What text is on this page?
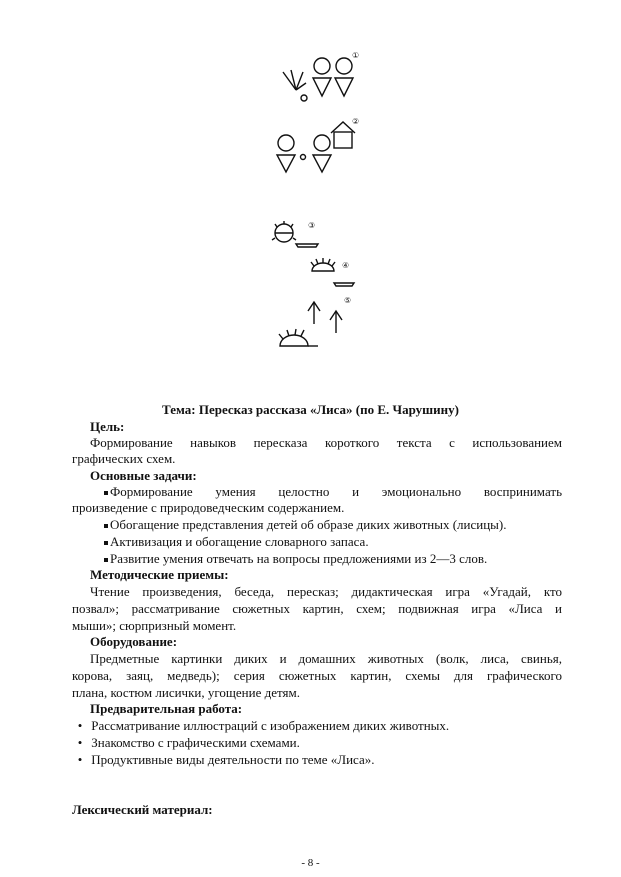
①
②
③
④
⑤
Тема: Пересказ рассказа «Лиса» (по Е. Чарушину)
Цель:
Формирование навыков пересказа короткого текста с использованием
графических схем.
Основные задачи:
Формирование умения целостно и эмоционально воспринимать
произведение с природоведческим содержанием.
Обогащение представления детей об образе диких животных (лисицы).
Активизация и обогащение словарного запаса.
Развитие умения отвечать на вопросы предложениями из 2—3 слов.
Методические приемы:
Чтение произведения, беседа, пересказ; дидактическая игра «Угадай, кто
позвал»; рассматривание сюжетных картин, схем; подвижная игра «Лиса и
мыши»; сюрпризный момент.
Оборудование:
Предметные картинки диких и домашних животных (волк, лиса, свинья,
корова, заяц, медведь); серия сюжетных картин, схемы для графического
плана, костюм лисички, угощение детям.
Предварительная работа:
• Рассматривание иллюстраций с изображением диких животных.
• Знакомство с графическими схемами.
• Продуктивные виды деятельности по теме «Лиса».
Лексический материал:
- 8 -
